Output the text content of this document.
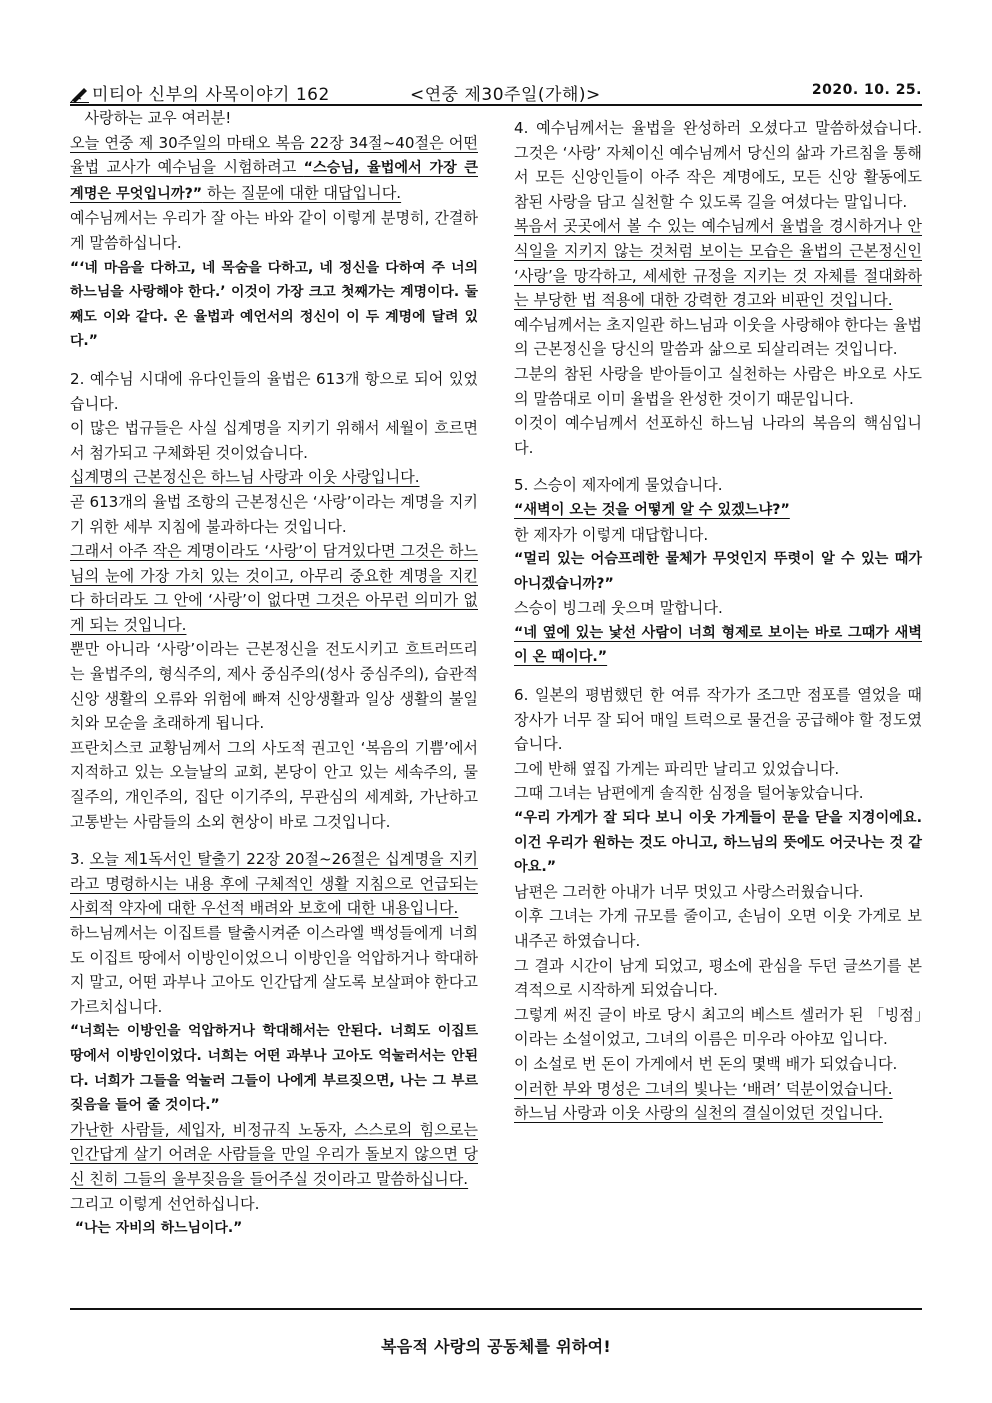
미티아 신부의 사목이야기 162	<연중 제30주일(가해)>	2020. 10. 25.

사랑하는 교우 여러분!

오늘 연중 제 30주일의 마태오 복음 22장 34절~40절은 어떤 율법 교사가 예수님을 시험하려고 “스승님, 율법에서 가장 큰 계명은 무엇입니까?” 하는 질문에 대한 대답입니다.

예수님께서는 우리가 잘 아는 바와 같이 이렇게 분명히, 간결하게 말씀하십니다.

“‘네 마음을 다하고, 네 목숨을 다하고, 네 정신을 다하여 주 너의 하느님을 사랑해야 한다.’ 이것이 가장 크고 첫째가는 계명이다. 둘째도 이와 같다. 온 율법과 예언서의 정신이 이 두 계명에 달려 있다.”

2. 예수님 시대에 유다인들의 율법은 613개 항으로 되어 있었습니다.

이 많은 법규들은 사실 십계명을 지키기 위해서 세월이 흐르면서 첨가되고 구체화된 것이었습니다.

십계명의 근본정신은 하느님 사랑과 이웃 사랑입니다.

곧 613개의 율법 조항의 근본정신은 ‘사랑’이라는 계명을 지키기 위한 세부 지침에 불과하다는 것입니다.

그래서 아주 작은 계명이라도 ‘사랑’이 담겨있다면 그것은 하느님의 눈에 가장 가치 있는 것이고, 아무리 중요한 계명을 지킨다 하더라도 그 안에 ‘사랑’이 없다면 그것은 아무런 의미가 없게 되는 것입니다.

뿐만 아니라 ‘사랑’이라는 근본정신을 전도시키고 흐트러뜨리는 율법주의, 형식주의, 제사 중심주의(성사 중심주의), 습관적 신앙 생활의 오류와 위험에 빠져 신앙생활과 일상 생활의 불일치와 모순을 초래하게 됩니다.

프란치스코 교황님께서 그의 사도적 권고인 ‘복음의 기쁨’에서 지적하고 있는 오늘날의 교회, 본당이 안고 있는 세속주의, 물질주의, 개인주의, 집단 이기주의, 무관심의 세계화, 가난하고 고통받는 사람들의 소외 현상이 바로 그것입니다.

3. 오늘 제1독서인 탈출기 22장 20절~26절은 십계명을 지키라고 명령하시는 내용 후에 구체적인 생활 지침으로 언급되는 사회적 약자에 대한 우선적 배려와 보호에 대한 내용입니다.

하느님께서는 이집트를 탈출시켜준 이스라엘 백성들에게 너희도 이집트 땅에서 이방인이었으니 이방인을 억압하거나 학대하지 말고, 어떤 과부나 고아도 인간답게 살도록 보살펴야 한다고 가르치십니다.

“너희는 이방인을 억압하거나 학대해서는 안된다. 너희도 이집트 땅에서 이방인이었다. 너희는 어떤 과부나 고아도 억눌러서는 안된다. 너희가 그들을 억눌러 그들이 나에게 부르짖으면, 나는 그 부르짖음을 들어 줄 것이다.”

가난한 사람들, 세입자, 비정규직 노동자, 스스로의 힘으로는 인간답게 살기 어려운 사람들을 만일 우리가 돌보지 않으면 당신 친히 그들의 울부짖음을 들어주실 것이라고 말씀하십니다.

그리고 이렇게 선언하십니다.

“나는 자비의 하느님이다.”

4. 예수님께서는 율법을 완성하러 오셨다고 말씀하셨습니다. 그것은 ‘사랑’ 자체이신 예수님께서 당신의 삶과 가르침을 통해서 모든 신앙인들이 아주 작은 계명에도, 모든 신앙 활동에도 참된 사랑을 담고 실천할 수 있도록 길을 여셨다는 말입니다.

복음서 곳곳에서 볼 수 있는 예수님께서 율법을 경시하거나 안식일을 지키지 않는 것처럼 보이는 모습은 율법의 근본정신인 ‘사랑’을 망각하고, 세세한 규정을 지키는 것 자체를 절대화하는 부당한 법 적용에 대한 강력한 경고와 비판인 것입니다.

예수님께서는 초지일관 하느님과 이웃을 사랑해야 한다는 율법의 근본정신을 당신의 말씀과 삶으로 되살리려는 것입니다.

그분의 참된 사랑을 받아들이고 실천하는 사람은 바오로 사도의 말씀대로 이미 율법을 완성한 것이기 때문입니다.

이것이 예수님께서 선포하신 하느님 나라의 복음의 핵심입니다.

5. 스승이 제자에게 물었습니다.

“새벽이 오는 것을 어떻게 알 수 있겠느냐?”

한 제자가 이렇게 대답합니다.

“멀리 있는 어슴프레한 물체가 무엇인지 뚜렷이 알 수 있는 때가 아니겠습니까?”

스승이 빙그레 웃으며 말합니다.

“네 옆에 있는 낯선 사람이 너희 형제로 보이는 바로 그때가 새벽이 온 때이다.”

6. 일본의 평범했던 한 여류 작가가 조그만 점포를 열었을 때 장사가 너무 잘 되어 매일 트럭으로 물건을 공급해야 할 정도였습니다.

그에 반해 옆집 가게는 파리만 날리고 있었습니다.

그때 그녀는 남편에게 솔직한 심정을 털어놓았습니다.

“우리 가게가 잘 되다 보니 이웃 가게들이 문을 닫을 지경이에요. 이건 우리가 원하는 것도 아니고, 하느님의 뜻에도 어긋나는 것 같아요.”

남편은 그러한 아내가 너무 멋있고 사랑스러웠습니다.

이후 그녀는 가게 규모를 줄이고, 손님이 오면 이웃 가게로 보내주곤 하였습니다.

그 결과 시간이 남게 되었고, 평소에 관심을 두던 글쓰기를 본격적으로 시작하게 되었습니다.

그렇게 써진 글이 바로 당시 최고의 베스트 셀러가 된 「빙점」이라는 소설이었고, 그녀의 이름은 미우라 아야꼬 입니다.

이 소설로 번 돈이 가게에서 번 돈의 몇백 배가 되었습니다.

이러한 부와 명성은 그녀의 빛나는 ‘배려’ 덕분이었습니다.

하느님 사랑과 이웃 사랑의 실천의 결실이었던 것입니다.

복음적 사랑의 공동체를 위하여!
